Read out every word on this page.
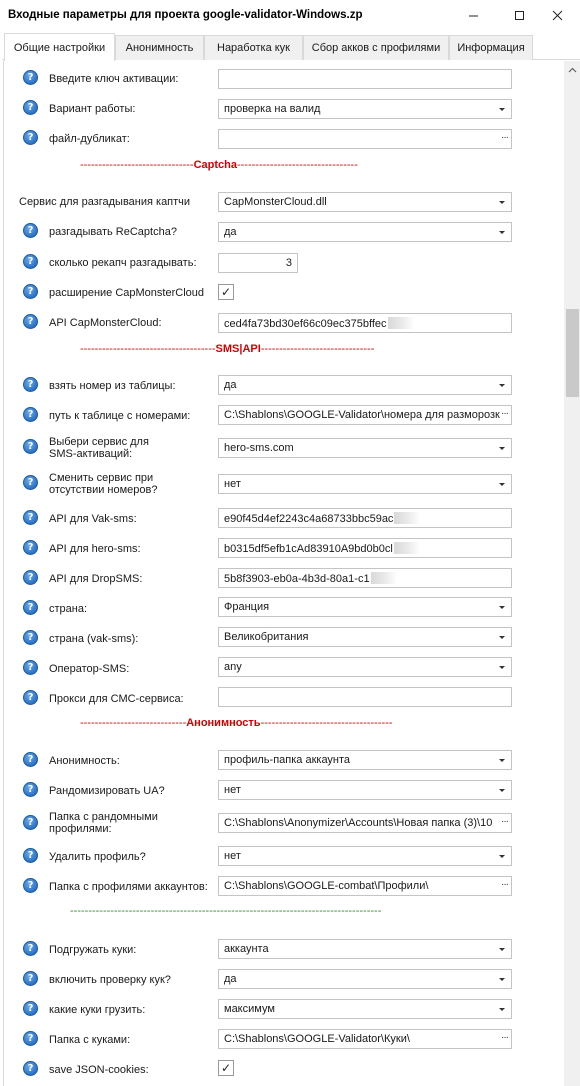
Входные параметры для проекта google-validator-Windows.zp
Общие настройки	Анонимность	Наработка кук	Сбор акков с профилями	Информация
?	Введите ключ активации:
?	Вариант работы:	проверка на валид
?	файл-дубликат:	···
-------------------------------Captcha---------------------------------
Сервис для разгадывания каптчи	CapMonsterCloud.dll
?	разгадывать ReCaptcha?	да
?	сколько рекапч разгадывать:	3
?	расширение CapMonsterCloud ✓
?	API CapMonsterCloud:	ced4fa73bd30ef66c09ec375bffec
-------------------------------------SMS|API-------------------------------
?	взять номер из таблицы:	да
?	путь к таблице с номерами:	C:\Shablons\GOOGLE-Validator\номера для разморозк ···
?	Выбери сервис для SMS-активаций:	hero-sms.com
?	Сменить сервис при отсутствии номеров?	нет
?	API для Vak-sms:	e90f45d4ef2243c4a68733bbc59ac
?	API для hero-sms:	b0315df5efb1cAd83910A9bd0b0cl
?	API для DropSMS:	5b8f3903-eb0a-4b3d-80a1-c1
?	страна:	Франция
?	страна (vak-sms):	Великобритания
?	Оператор-SMS:	any
?	Прокси для СМС-сервиса:
-----------------------------Анонимность------------------------------------
?	Анонимность:	профиль-папка аккаунта
?	Рандомизировать UA?	нет
?	Папка с рандомными профилями:	C:\Shablons\Anonymizer\Accounts\Новая папка (3)\10 ···
?	Удалить профиль?	нет
?	Папка с профилями аккаунтов:	C:\Shablons\GOOGLE-combat\Профили\	···
-------------------------------------------------------------------------------------
?	Подгружать куки:	аккаунта
?	включить проверку кук?	да
?	какие куки грузить:	максимум
?	Папка с куками:	C:\Shablons\GOOGLE-Validator\Куки\	···
?	save JSON-cookies:	✓
